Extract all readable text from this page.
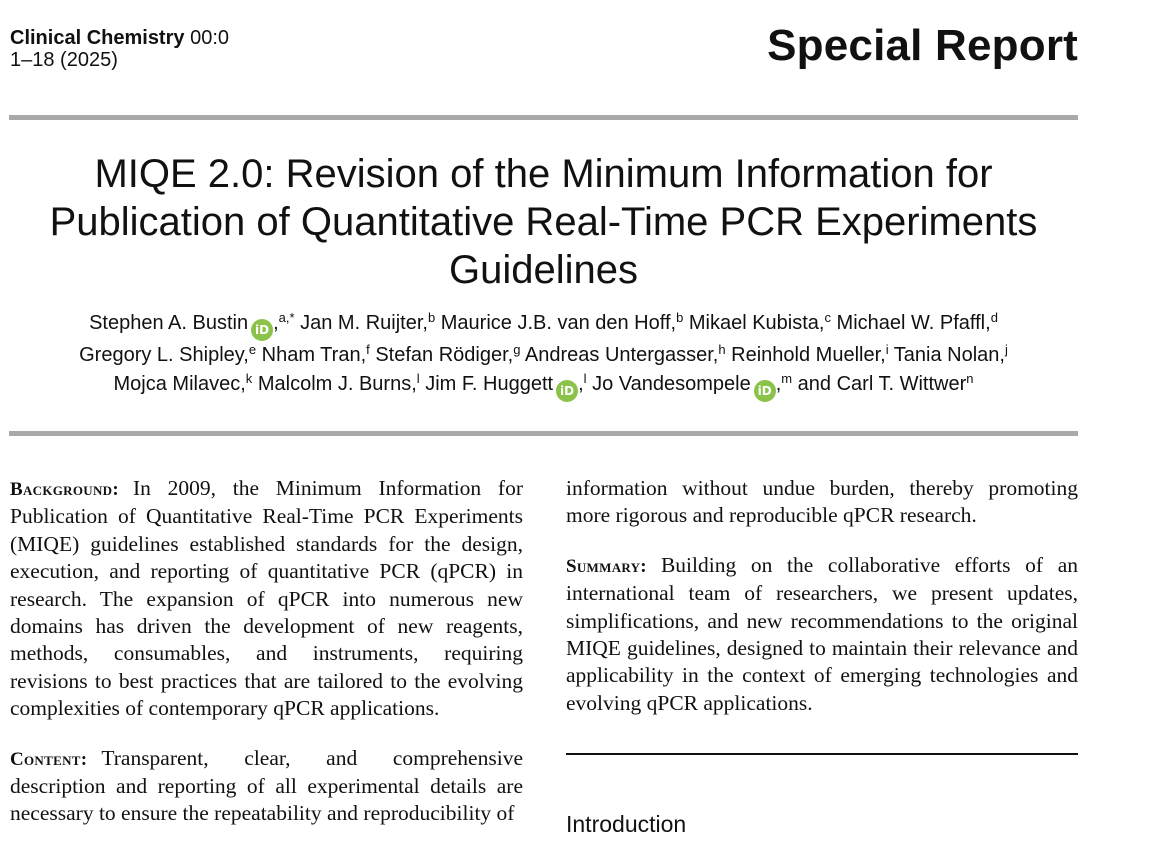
Clinical Chemistry 00:0
1–18 (2025)	Special Report
MIQE 2.0: Revision of the Minimum Information for Publication of Quantitative Real-Time PCR Experiments Guidelines
Stephen A. Bustin iD ,$^{a,*}$ Jan M. Ruijter,$^b$ Maurice J.B. van den Hoff,$^b$ Mikael Kubista,$^c$ Michael W. Pfaffl,$^d$
Gregory L. Shipley,$^e$ Nham Tran,$^f$ Stefan Rödiger,$^g$ Andreas Untergasser,$^h$ Reinhold Mueller,$^i$ Tania Nolan,$^j$
Mojca Milavec,$^k$ Malcolm J. Burns,$^l$ Jim F. Huggett iD ,$^l$ Jo Vandesompele iD ,$^m$ and Carl T. Wittwer$^n$

Background: In 2009, the Minimum Information for Publication of Quantitative Real-Time PCR Experiments (MIQE) guidelines established standards for the design, execution, and reporting of quantitative PCR (qPCR) in research. The expansion of qPCR into numerous new domains has driven the development of new reagents, methods, consumables, and instruments, requiring revisions to best practices that are tailored to the evolving complexities of contemporary qPCR applications.

Content: Transparent, clear, and comprehensive description and reporting of all experimental details are necessary to ensure the repeatability and reproducibility of

information without undue burden, thereby promoting more rigorous and reproducible qPCR research.

Summary: Building on the collaborative efforts of an international team of researchers, we present updates, simplifications, and new recommendations to the original MIQE guidelines, designed to maintain their relevance and applicability in the context of emerging technologies and evolving qPCR applications.

Introduction
